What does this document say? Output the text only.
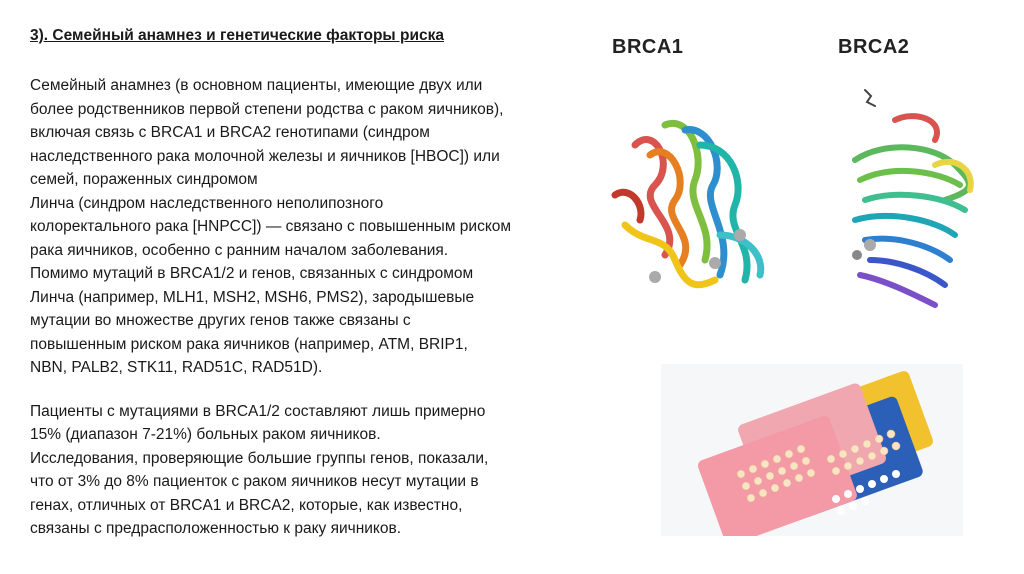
3). Семейный анамнез и генетические факторы риска

Семейный анамнез (в основном пациенты, имеющие двух или

более родственников первой степени родства с раком яичников),

включая связь с BRCA1 и BRCA2 генотипами (синдром

наследственного рака молочной железы и яичников [HBOC]) или

семей, пораженных синдромом

Линча (синдром наследственного неполипозного

колоректального рака [HNPCC]) — связано с повышенным риском

рака яичников, особенно с ранним началом заболевания.

Помимо мутаций в BRCA1/2 и генов, связанных с синдромом

Линча (например, MLH1, MSH2, MSH6, PMS2), зародышевые

мутации во множестве других генов также связаны с

повышенным риском рака яичников (например, ATM, BRIP1,

NBN, PALB2, STK11, RAD51C, RAD51D).

Пациенты с мутациями в BRCA1/2 составляют лишь примерно

15% (диапазон 7-21%) больных раком яичников.

Исследования, проверяющие большие группы генов, показали,

что от 3% до 8% пациенток с раком яичников несут мутации в

генах, отличных от BRCA1 и BRCA2, которые, как известно,

связаны с предрасположенностью к раку яичников.

BRCA1	BRCA2
